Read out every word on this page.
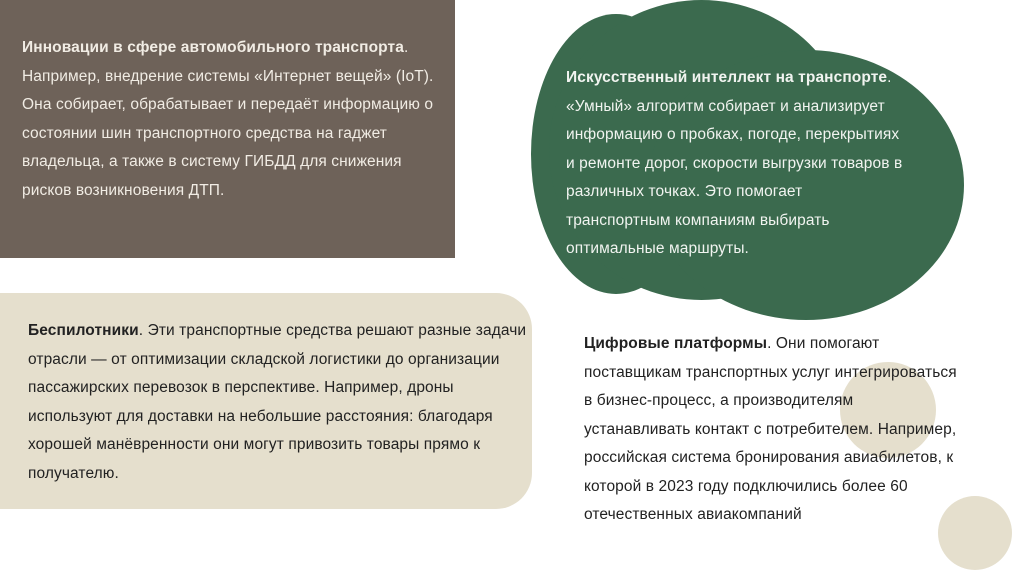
Инновации в сфере автомобильного транспорта. Например, внедрение системы «Интернет вещей» (IoT). Она собирает, обрабатывает и передаёт информацию о состоянии шин транспортного средства на гаджет владельца, а также в систему ГИБДД для снижения рисков возникновения ДТП.
Искусственный интеллект на транспорте. «Умный» алгоритм собирает и анализирует информацию о пробках, погоде, перекрытиях и ремонте дорог, скорости выгрузки товаров в различных точках. Это помогает транспортным компаниям выбирать оптимальные маршруты.
Беспилотники. Эти транспортные средства решают разные задачи отрасли — от оптимизации складской логистики до организации пассажирских перевозок в перспективе. Например, дроны используют для доставки на небольшие расстояния: благодаря хорошей манёвренности они могут привозить товары прямо к получателю.
Цифровые платформы. Они помогают поставщикам транспортных услуг интегрироваться в бизнес-процесс, а производителям устанавливать контакт с потребителем. Например, российская система бронирования авиабилетов, к которой в 2023 году подключились более 60 отечественных авиакомпаний
